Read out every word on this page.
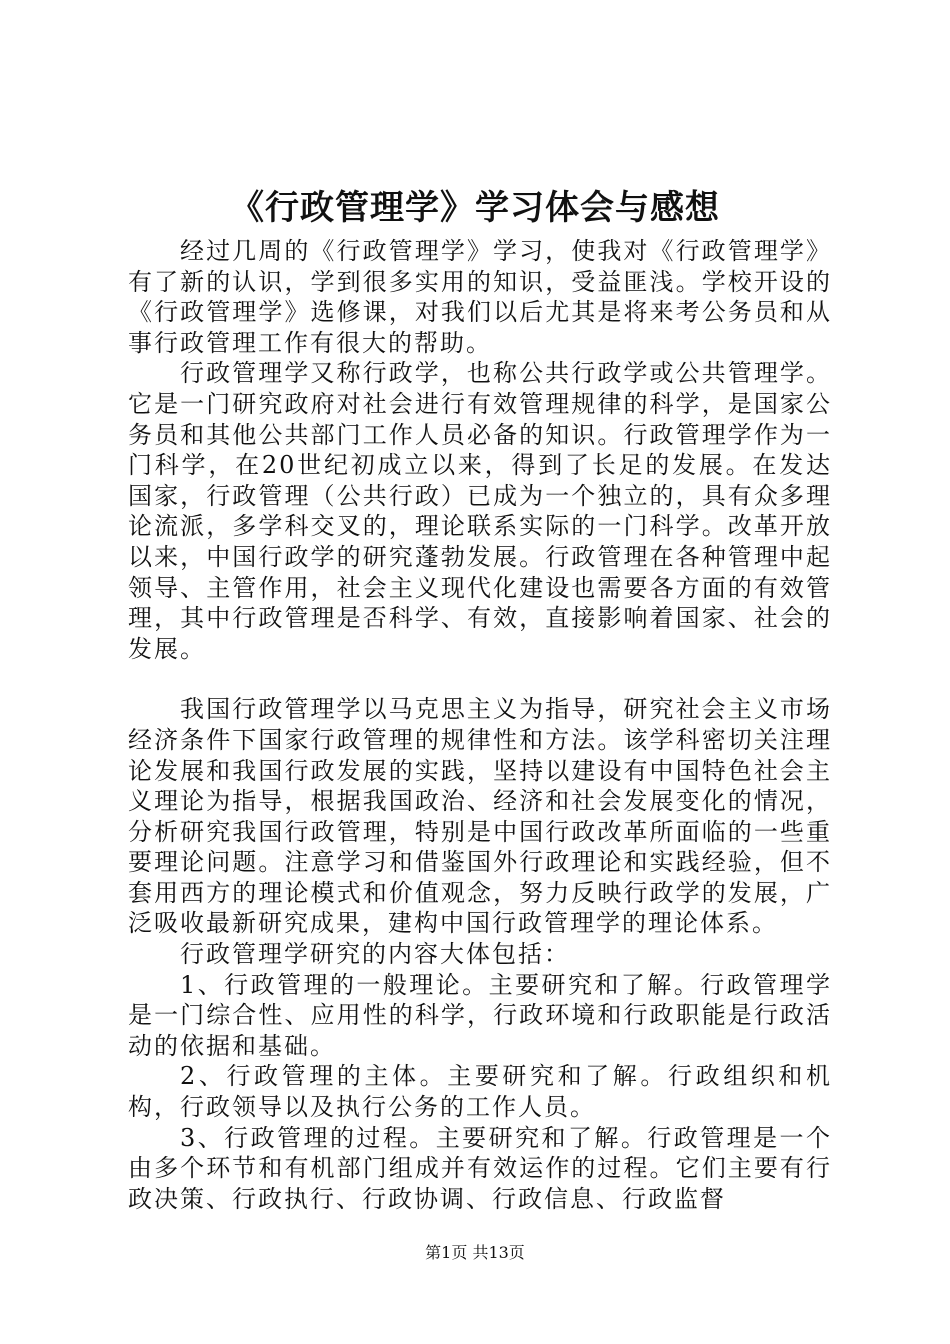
《行政管理学》学习体会与感想

经过几周的《行政管理学》学习，使我对《行政管理学》有了新的认识，学到很多实用的知识，受益匪浅。学校开设的《行政管理学》选修课，对我们以后尤其是将来考公务员和从事行政管理工作有很大的帮助。

行政管理学又称行政学，也称公共行政学或公共管理学。它是一门研究政府对社会进行有效管理规律的科学，是国家公务员和其他公共部门工作人员必备的知识。行政管理学作为一门科学，在20世纪初成立以来，得到了长足的发展。在发达国家，行政管理（公共行政）已成为一个独立的，具有众多理论流派，多学科交叉的，理论联系实际的一门科学。改革开放以来，中国行政学的研究蓬勃发展。行政管理在各种管理中起领导、主管作用，社会主义现代化建设也需要各方面的有效管理，其中行政管理是否科学、有效，直接影响着国家、社会的发展。

我国行政管理学以马克思主义为指导，研究社会主义市场经济条件下国家行政管理的规律性和方法。该学科密切关注理论发展和我国行政发展的实践，坚持以建设有中国特色社会主义理论为指导，根据我国政治、经济和社会发展变化的情况，分析研究我国行政管理，特别是中国行政改革所面临的一些重要理论问题。注意学习和借鉴国外行政理论和实践经验，但不套用西方的理论模式和价值观念，努力反映行政学的发展，广泛吸收最新研究成果，建构中国行政管理学的理论体系。

行政管理学研究的内容大体包括：

1、行政管理的一般理论。主要研究和了解。行政管理学是一门综合性、应用性的科学，行政环境和行政职能是行政活动的依据和基础。

2、行政管理的主体。主要研究和了解。行政组织和机构，行政领导以及执行公务的工作人员。

3、行政管理的过程。主要研究和了解。行政管理是一个由多个环节和有机部门组成并有效运作的过程。它们主要有行政决策、行政执行、行政协调、行政信息、行政监督

第1页 共13页
